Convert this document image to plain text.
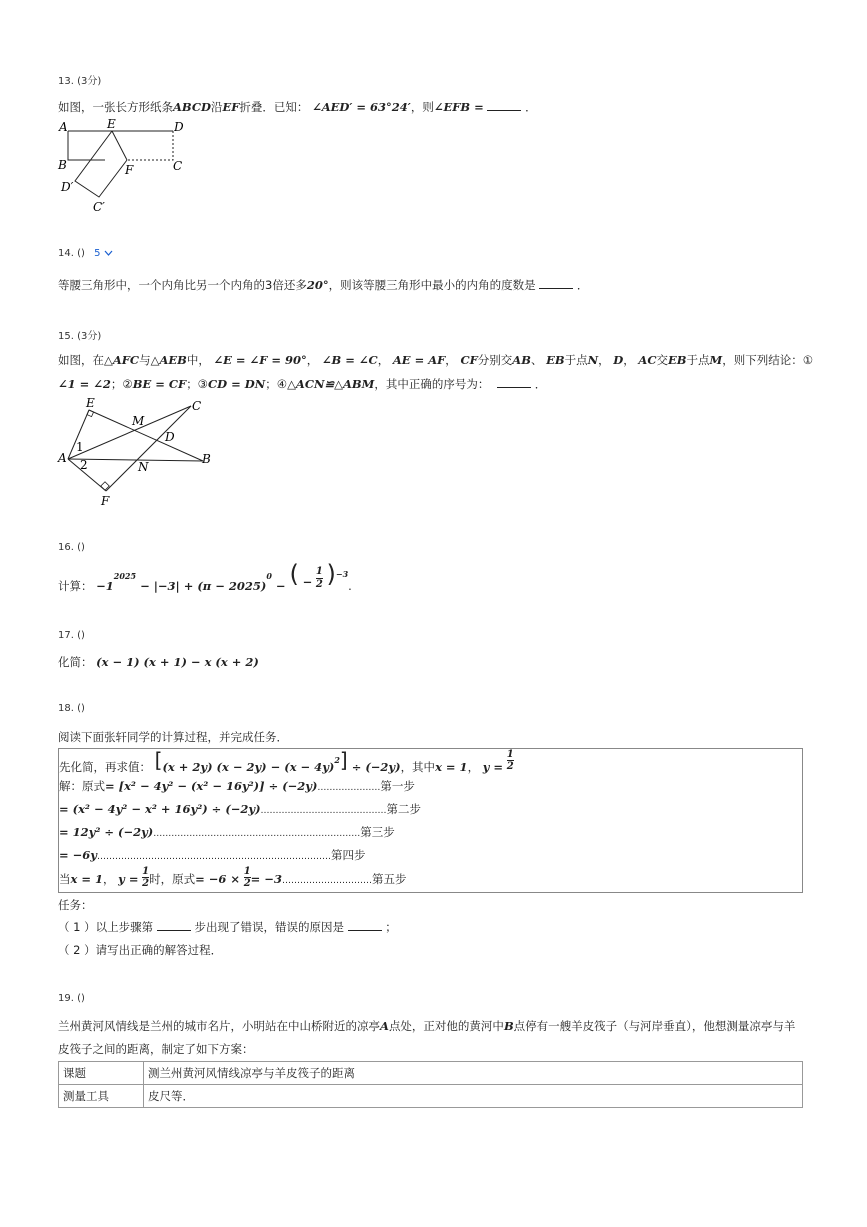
13. (3分)
如图，一张长方形纸条ABCD沿EF折叠．已知： ∠AED′ = 63°24′，则∠EFB =	．
A	E	D
B	F	C
D′
C′
14. () 5
等腰三角形中，一个内角比另一个内角的3倍还多20°，则该等腰三角形中最小的内角的度数是	．
15. (3分)
如图，在△AFC与△AEB中， ∠E = ∠F = 90°， ∠B = ∠C， AE = AF， CF分别交AB、 EB于点N， D， AC交EB于点M，则下列结论：①
∠1 = ∠2；②BE = CF；③CD = DN；④△ACN≌△ABM，其中正确的序号为：	．
E
M
C
D
1
A 2	N
B
F
16. ()
计算： $-1^{2025} - |-3| + (\pi - 2025)^0$ − ( − $\frac{1}{2} )^{-3}$.
17. ()
化简： (x − 1) (x + 1) − x (x + 2)
18. ()
阅读下面张轩同学的计算过程，并完成任务．
先化简，再求值： [(x + 2y) $(x - 2y) - (x - 4y)^2] \div (-2y)$，其中x = 1， $y = \frac{1}{2}$
解：原式= [x² − 4y² − (x² − 16y²)] ÷ (−2y)…………………第一步
= (x² − 4y² − x² + 16y²) ÷ (−2y)……………………………………第二步
= 12y² ÷ (−2y)……………………………………………………………第三步
= −6y……………………………………………………………………第四步
当x = 1， $y = \frac{1}{2}$ 时，原式= $-6 \times \frac{1}{2} = -3_{\dots\dots\dots\dots\dots\dots\dots\dots\dots\dots}$第五步
任务：
（ 1 ）以上步骤第	步出现了错误，错误的原因是	；
（ 2 ）请写出正确的解答过程．
19. ()
兰州黄河风情线是兰州的城市名片，小明站在中山桥附近的凉亭A点处，正对他的黄河中B点停有一艘羊皮筏子（与河岸垂直），他想测量凉亭与羊
皮筏子之间的距离，制定了如下方案：
课题	测兰州黄河风情线凉亭与羊皮筏子的距离
测量工具	皮尺等．
